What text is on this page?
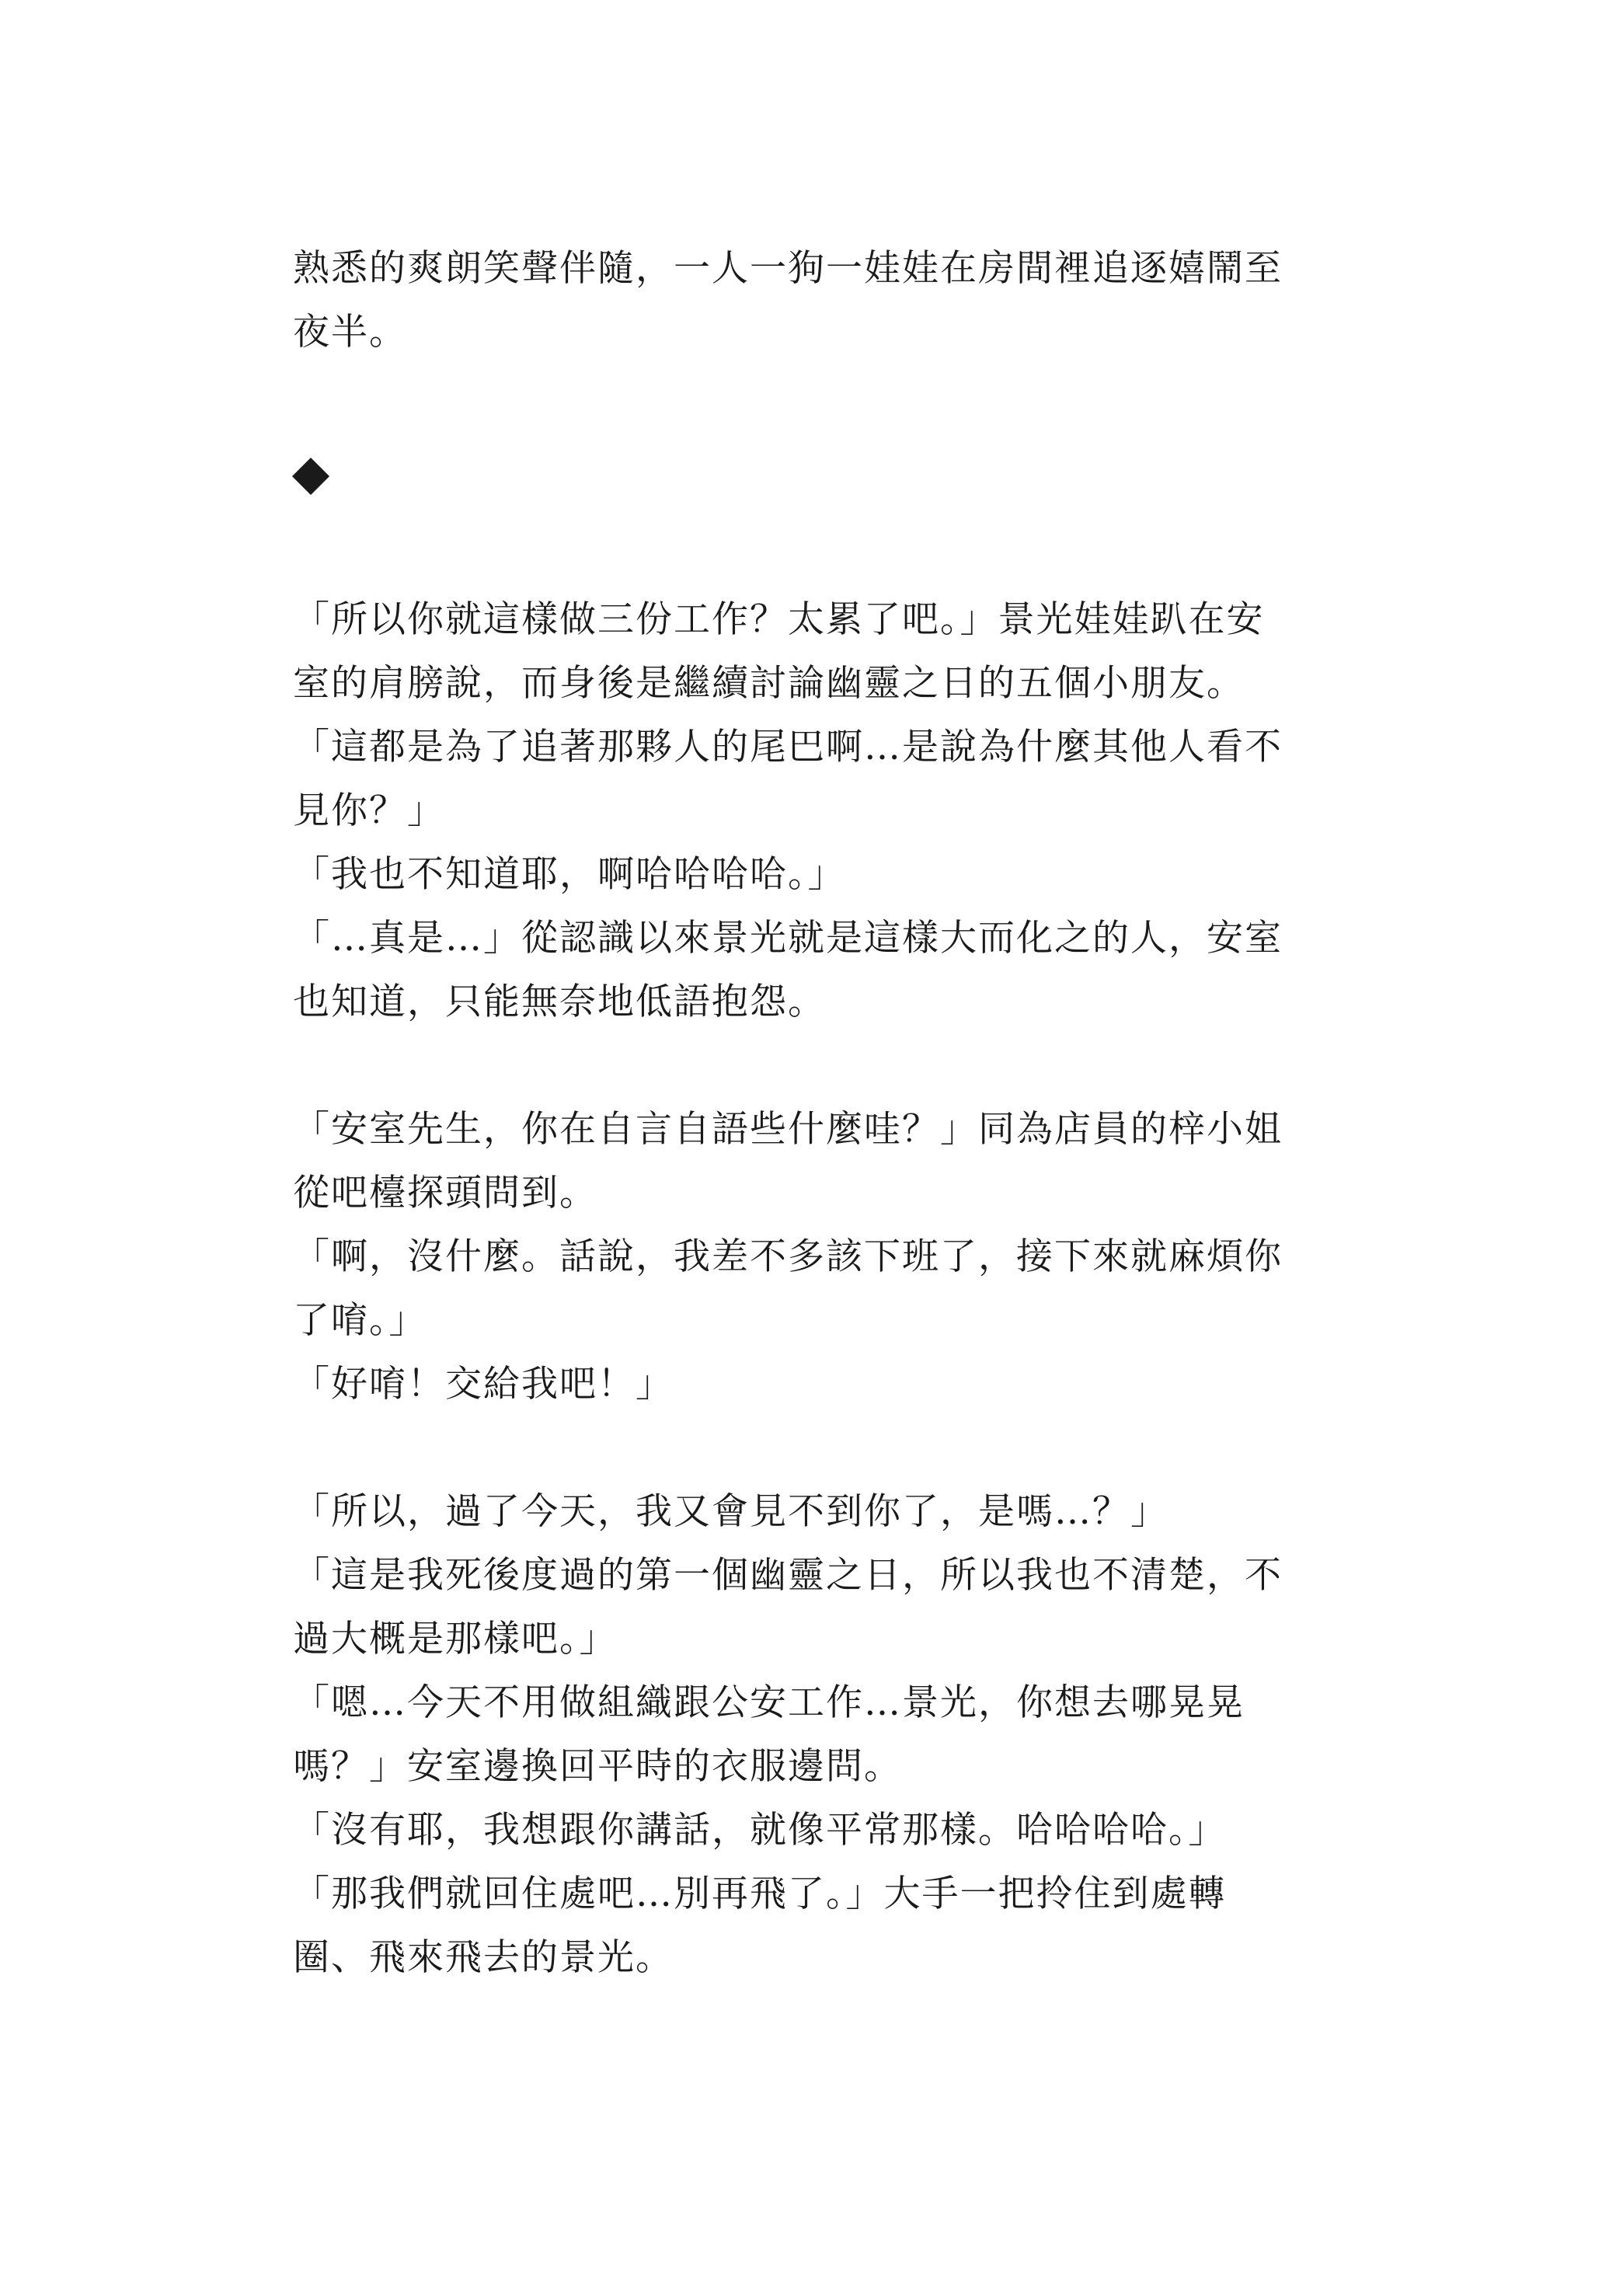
熟悉的爽朗笑聲伴隨，一人一狗一娃娃在房間裡追逐嬉鬧至
夜半。
「所以你就這樣做三份工作？太累了吧。」景光娃娃趴在安
室的肩膀說，而身後是繼續討論幽靈之日的五個小朋友。
「這都是為了追著那夥人的尾巴啊…是說為什麼其他人看不
見你？」
「我也不知道耶，啊哈哈哈哈。」
「…真是…」從認識以來景光就是這樣大而化之的人，安室
也知道，只能無奈地低語抱怨。
「安室先生，你在自言自語些什麼哇？」同為店員的梓小姐
從吧檯探頭問到。
「啊，沒什麼。話說，我差不多該下班了，接下來就麻煩你
了唷。」
「好唷！交給我吧！」
「所以，過了今天，我又會見不到你了，是嗎…？」
「這是我死後度過的第一個幽靈之日，所以我也不清楚，不
過大概是那樣吧。」
「嗯…今天不用做組織跟公安工作…景光，你想去哪晃晃
嗎？」安室邊換回平時的衣服邊問。
「沒有耶，我想跟你講話，就像平常那樣。哈哈哈哈。」
「那我們就回住處吧…別再飛了。」大手一把拎住到處轉
圈、飛來飛去的景光。
